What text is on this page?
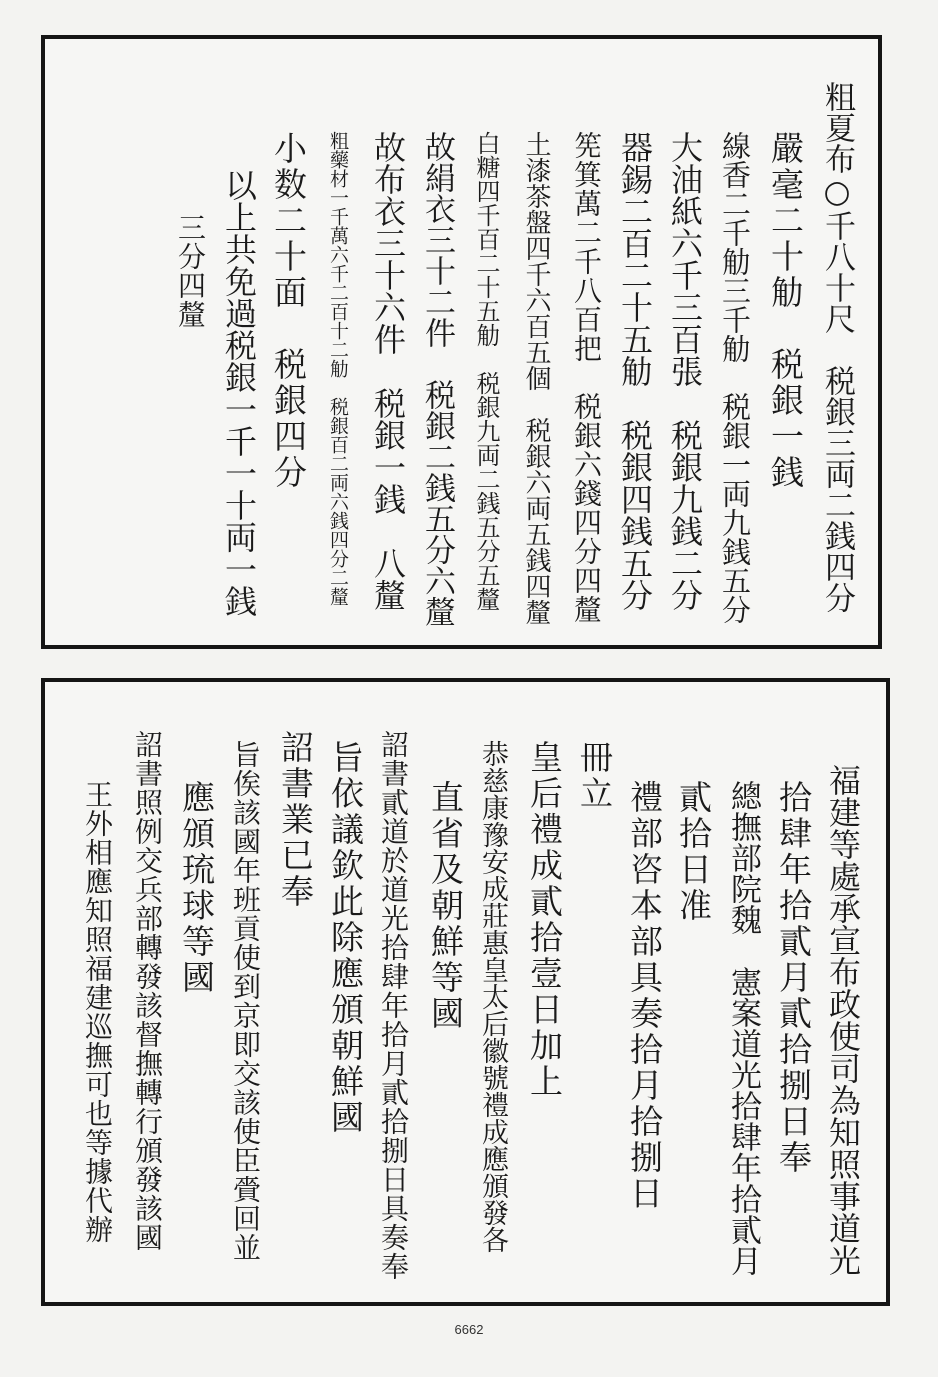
粗夏布○千八十尺　税銀三両二銭四分
嚴毫二十觔　税銀一銭
線香二千觔三千觔　税銀一両九銭五分
大油紙六千三百張　税銀九銭二分
器錫二百二十五觔　税銀四銭五分
筅箕萬二千八百把　税銀六錢四分四釐
土漆茶盤四千六百五個　税銀六両五銭四釐
白糖四千百二十五觔　税銀九両二銭五分五釐
故絹衣三十二件　税銀二銭五分六釐
故布衣三十六件　税銀一銭　八釐
粗藥材一千萬六千二百十二觔　税銀百二両六銭四分二釐
小数二十面　税銀四分
以上共免過税銀一千一十両一銭
三分四釐
福建等處承宣布政使司為知照事道光
拾肆年拾貳月貳拾捌日奉
總撫部院魏　憲案道光拾肆年拾貳月
貳拾日准
禮部咨本部具奏拾月拾捌日
冊立
皇后禮成貳拾壹日加上
恭慈康豫安成莊惠皇太后徽號禮成應頒發各
直省及朝鮮等國
詔書貳道於道光拾肆年拾月貳拾捌日具奏奉
旨依議欽此除應頒朝鮮國
詔書業已奉
旨俟該國年班貢使到京即交該使臣賫回並
應頒琉球等國
詔書照例交兵部轉發該督撫轉行頒發該國
王外相應知照福建巡撫可也等據代辦
6662
